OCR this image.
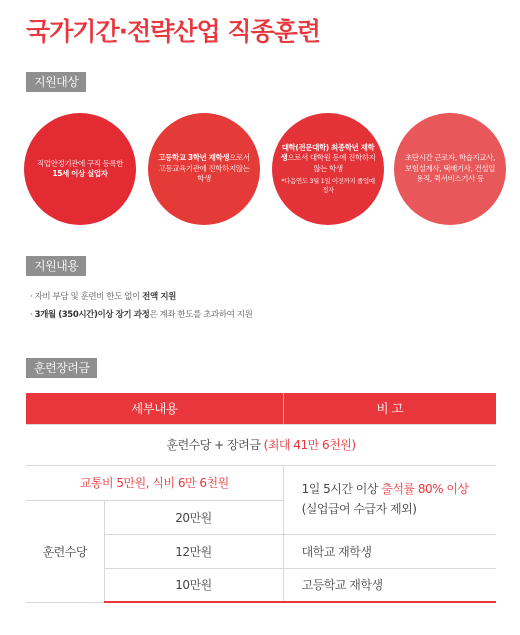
국가기간·전략산업 직종훈련
지원대상
직업안정기관에 구직 등록한
15세 이상 실업자
고등학교 3학년 재학생으로서 고등교육기관에 진학하지않는 학생
대학(전문대학) 최종학년 재학생으로서 대학원 등에 진학하지 않는 학생
*다음연도 3월 1일 이전까지 졸업예정자
초단시간 근로자, 학습지교사, 보험설계사, 택배기사, 건설일용직, 퀵서비스기사 등
지원내용
· 자비 부담 및 훈련비 한도 없이 전액 지원
· 3개월 (350시간)이상 장기 과정은 계좌 한도를 초과하여 지원
훈련장려금
세부내용		비 고
훈련수당 + 장려금 (최대 41만 6천원)		
교통비 5만원, 식비 6만 6천원		1일 5시간 이상 출석률 80% 이상
(실업급여 수급자 제외)
훈련수당	20만원	
	12만원	대학교 재학생
	10만원	고등학교 재학생
